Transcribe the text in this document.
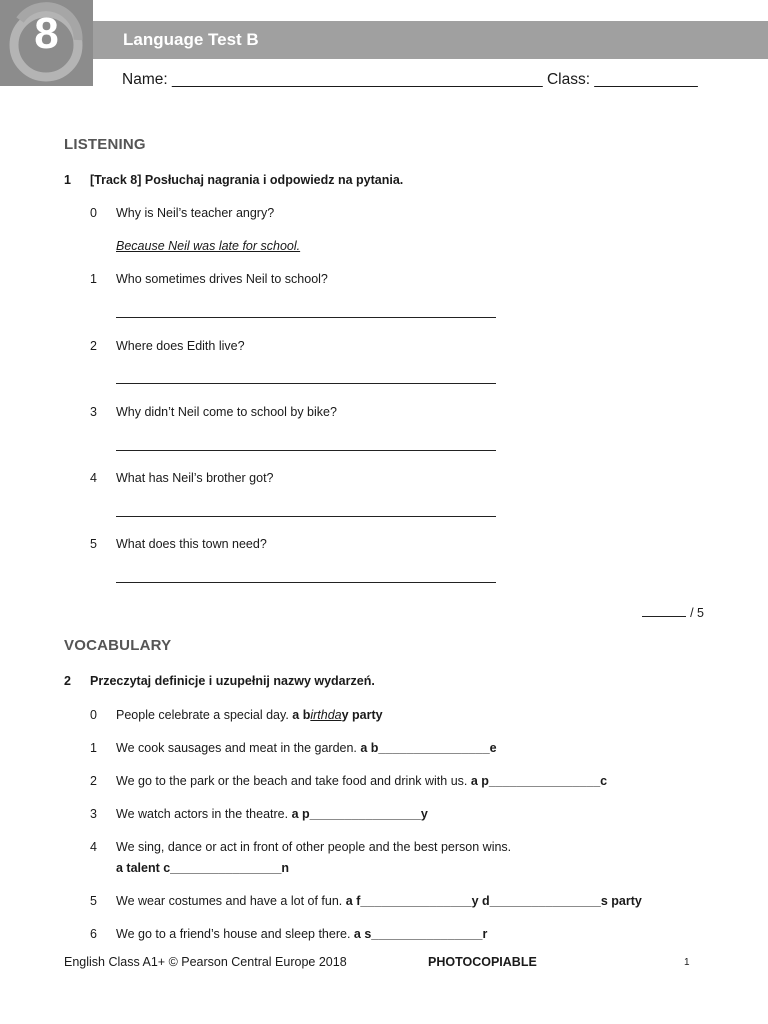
8	Language Test B
Name: ___________________________________________ Class: ____________
LISTENING
1 [Track 8] Posłuchaj nagrania i odpowiedz na pytania.
0 Why is Neil’s teacher angry?
Because Neil was late for school.
1 Who sometimes drives Neil to school?
2 Where does Edith live?
3 Why didn’t Neil come to school by bike?
4 What has Neil’s brother got?
5 What does this town need?
/ 5
VOCABULARY
2 Przeczytaj definicje i uzupełnij nazwy wydarzeń.
0 People celebrate a special day. a birthday party
1 We cook sausages and meat in the garden. a b________________e
2 We go to the park or the beach and take food and drink with us. a p________________c
3 We watch actors in the theatre. a p________________y
4 We sing, dance or act in front of other people and the best person wins.
a talent c________________n
5 We wear costumes and have a lot of fun. a f________________y d________________s party
6 We go to a friend’s house and sleep there. a s________________r
English Class A1+ © Pearson Central Europe 2018	PHOTOCOPIABLE	1
